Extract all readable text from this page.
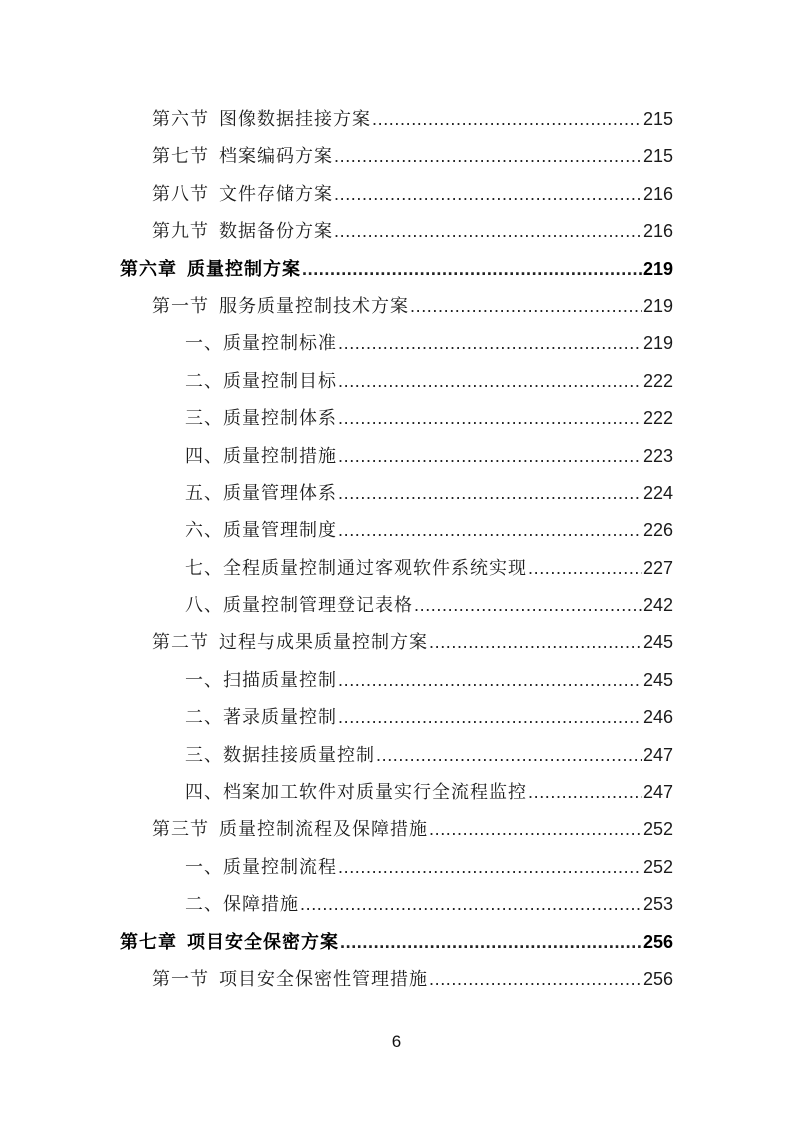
第六节 图像数据挂接方案 .....	215
第七节 档案编码方案 .....	215
第八节 文件存储方案 .....	216
第九节 数据备份方案 .....	216
第六章 质量控制方案 .....	219
第一节 服务质量控制技术方案 .....	219
一、质量控制标准 .....	219
二、质量控制目标 .....	222
三、质量控制体系 .....	222
四、质量控制措施 .....	223
五、质量管理体系 .....	224
六、质量管理制度 .....	226
七、全程质量控制通过客观软件系统实现 .....	227
八、质量控制管理登记表格 .....	242
第二节 过程与成果质量控制方案 .....	245
一、扫描质量控制 .....	245
二、著录质量控制 .....	246
三、数据挂接质量控制 .....	247
四、档案加工软件对质量实行全流程监控 .....	247
第三节 质量控制流程及保障措施 .....	252
一、质量控制流程 .....	252
二、保障措施 .....	253
第七章 项目安全保密方案 .....	256
第一节 项目安全保密性管理措施 .....	256
6
